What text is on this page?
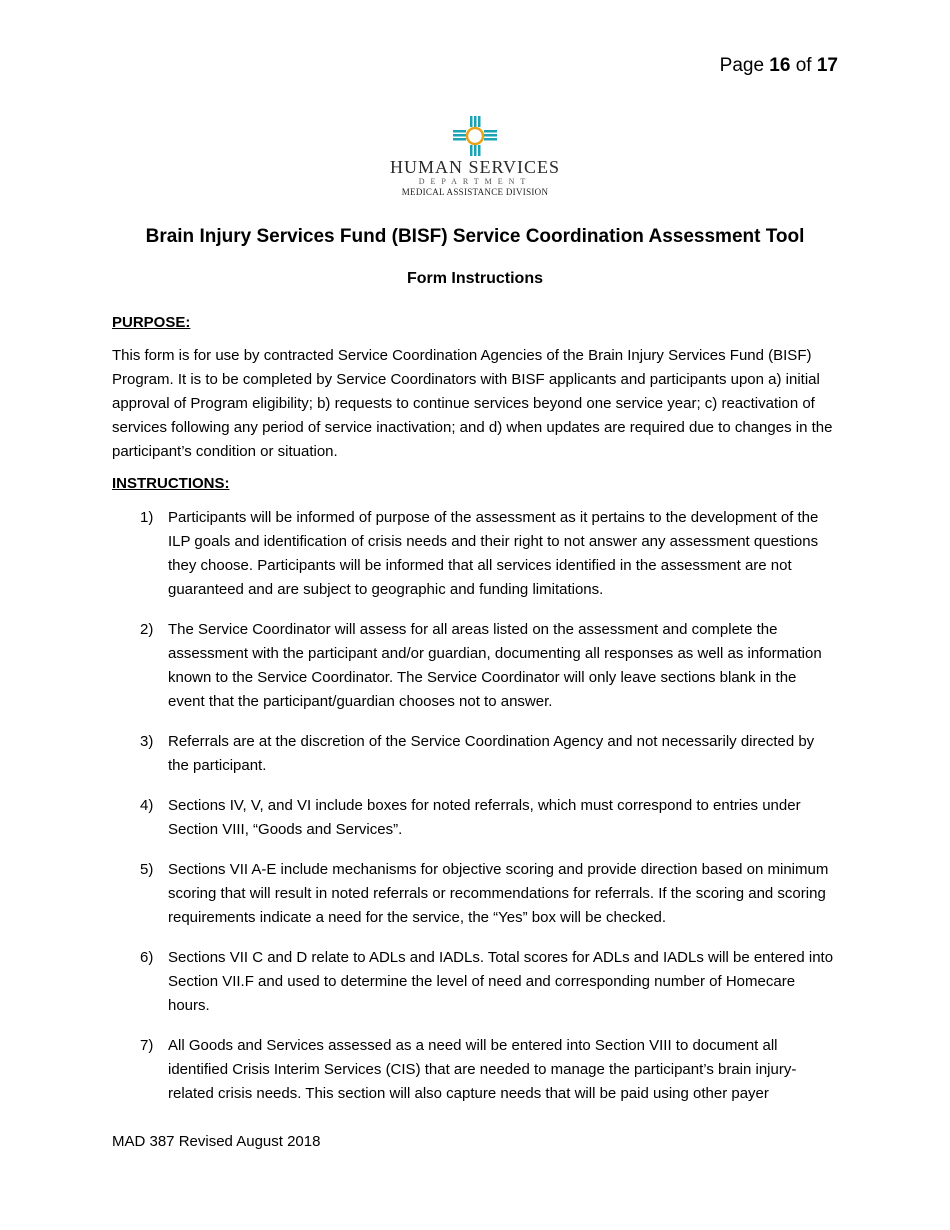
Page 16 of 17
HUMAN SERVICES
DEPARTMENT
MEDICAL ASSISTANCE DIVISION
Brain Injury Services Fund (BISF) Service Coordination Assessment Tool
Form Instructions
PURPOSE:

This form is for use by contracted Service Coordination Agencies of the Brain Injury Services Fund (BISF) Program. It is to be completed by Service Coordinators with BISF applicants and participants upon a) initial approval of Program eligibility; b) requests to continue services beyond one service year; c) reactivation of services following any period of service inactivation; and d) when updates are required due to changes in the participant’s condition or situation.

INSTRUCTIONS:
1) Participants will be informed of purpose of the assessment as it pertains to the development of the ILP goals and identification of crisis needs and their right to not answer any assessment questions they choose. Participants will be informed that all services identified in the assessment are not guaranteed and are subject to geographic and funding limitations.
2) The Service Coordinator will assess for all areas listed on the assessment and complete the assessment with the participant and/or guardian, documenting all responses as well as information known to the Service Coordinator. The Service Coordinator will only leave sections blank in the event that the participant/guardian chooses not to answer.
3) Referrals are at the discretion of the Service Coordination Agency and not necessarily directed by the participant.
4) Sections IV, V, and VI include boxes for noted referrals, which must correspond to entries under Section VIII, “Goods and Services”.
5) Sections VII A-E include mechanisms for objective scoring and provide direction based on minimum scoring that will result in noted referrals or recommendations for referrals. If the scoring and scoring requirements indicate a need for the service, the “Yes” box will be checked.
6) Sections VII C and D relate to ADLs and IADLs. Total scores for ADLs and IADLs will be entered into Section VII.F and used to determine the level of need and corresponding number of Homecare hours.
7) All Goods and Services assessed as a need will be entered into Section VIII to document all identified Crisis Interim Services (CIS) that are needed to manage the participant’s brain injury-related crisis needs. This section will also capture needs that will be paid using other payer
MAD 387 Revised August 2018
